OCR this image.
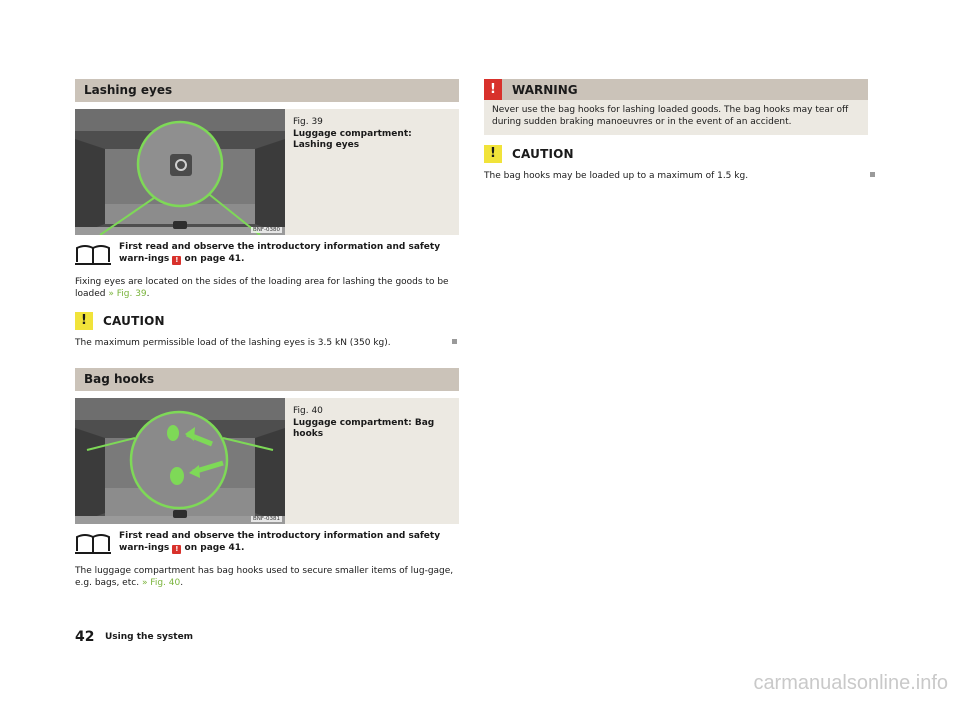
Lashing eyes
BNF-0380
Fig. 39
Luggage compartment: Lashing eyes
First read and observe the introductory information and safety warn-ings ! on page 41.
Fixing eyes are located on the sides of the loading area for lashing the goods to be loaded » Fig. 39.
!	CAUTION
The maximum permissible load of the lashing eyes is 3.5 kN (350 kg).
Bag hooks
BNF-0381
Fig. 40
Luggage compartment: Bag hooks
First read and observe the introductory information and safety warn-ings ! on page 41.
The luggage compartment has bag hooks used to secure smaller items of lug-gage, e.g. bags, etc. » Fig. 40.
!	WARNING
Never use the bag hooks for lashing loaded goods. The bag hooks may tear off during sudden braking manoeuvres or in the event of an accident.
!	CAUTION
The bag hooks may be loaded up to a maximum of 1.5 kg.
42 Using the system
carmanualsonline.info
